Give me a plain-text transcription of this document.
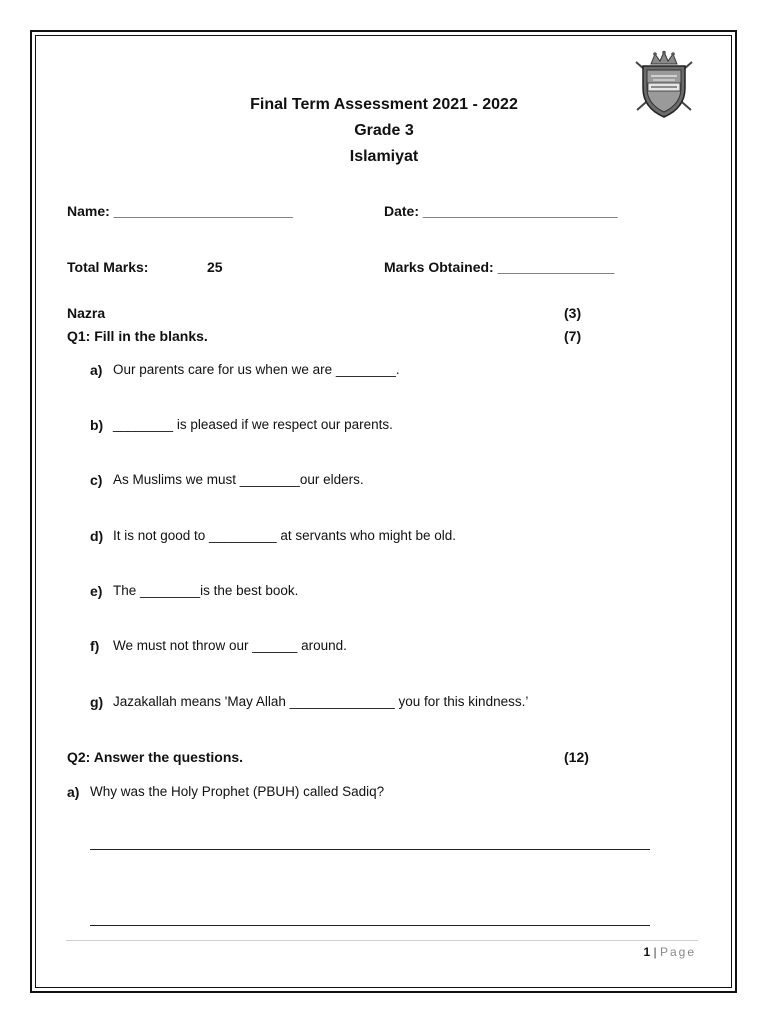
Final Term Assessment 2021 - 2022
Grade 3
Islamiyat
Name: _______________________	Date: _________________________
Total Marks:	25	Marks Obtained: _______________
Nazra	(3)
Q1: Fill in the blanks.	(7)
a) Our parents care for us when we are ________.
b) ________ is pleased if we respect our parents.
c) As Muslims we must ________our elders.
d) It is not good to _________ at servants who might be old.
e) The ________is the best book.
f) We must not throw our ______ around.
g) Jazakallah means 'May Allah ______________ you for this kindness.’
Q2: Answer the questions.	(12)
a) Why was the Holy Prophet (PBUH) called Sadiq?
1 | Page
